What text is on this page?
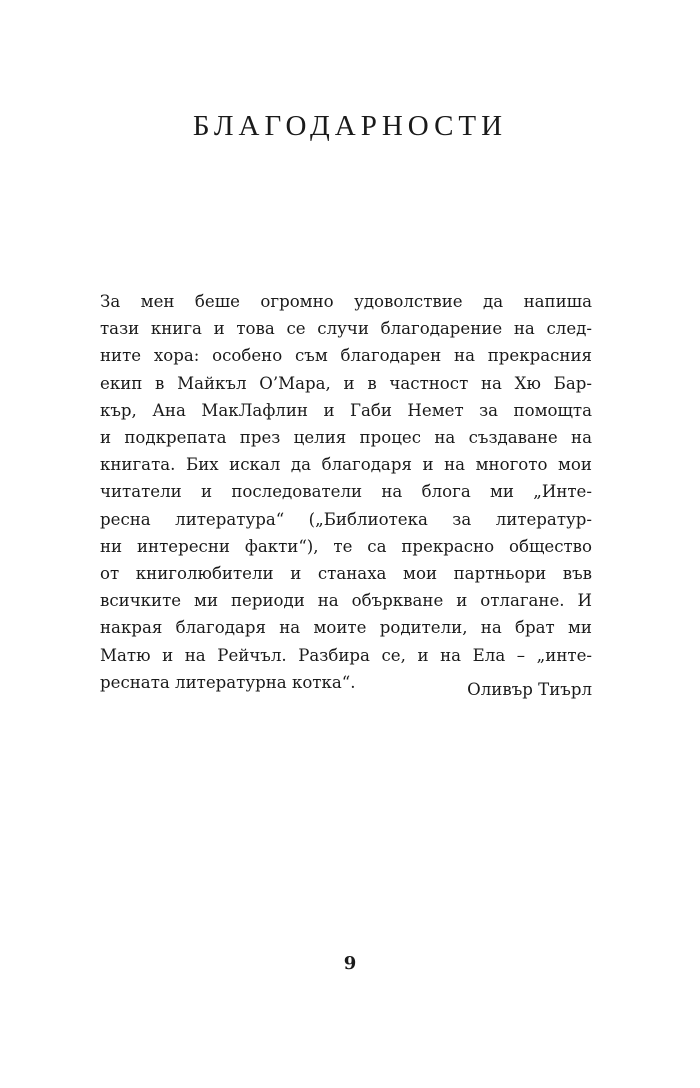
БЛАГОДАРНОСТИ

За мен беше огромно удоволствие да напиша
тази книга и това се случи благодарение на след-
ните хора: особено съм благодарен на прекрасния
екип в Майкъл О’Мара, и в частност на Хю Бар-
кър, Ана МакЛафлин и Габи Немет за помощта
и подкрепата през целия процес на създаване на
книгата. Бих искал да благодаря и на многото мои
читатели и последователи на блога ми „Инте-
ресна литература“ („Библиотека за литератур-
ни интересни факти“), те са прекрасно общество
от книголюбители и станаха мои партньори във
всичките ми периоди на объркване и отлагане. И
накрая благодаря на моите родители, на брат ми
Матю и на Рейчъл. Разбира се, и на Ела – „инте-
ресната литературна котка“.	Оливър Тиърл

9
